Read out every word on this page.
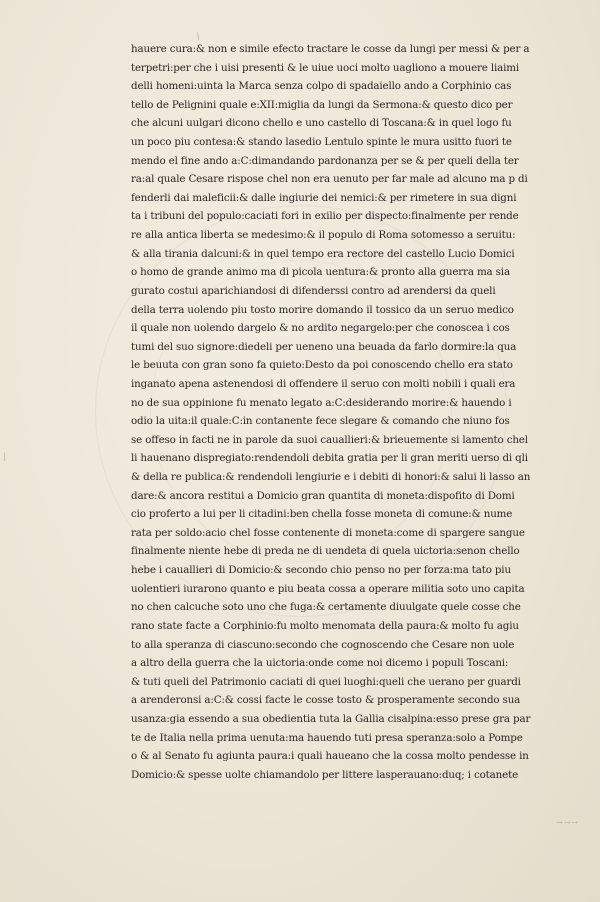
∕
|
→→→
hauere cura:& non e simile efecto tractare le cosse da lungi per messi & per a
terpetri:per che i uisi presenti & le uiue uoci molto uagliono a mouere liaimi
delli homeni:uinta la Marca senza colpo di spadaiello ando a Corphinio cas
tello de Pelignini quale e:XII:miglia da lungi da Sermona:& questo dico per
che alcuni uulgari dicono chello e uno castello di Toscana:& in quel logo fu
un poco piu contesa:& stando lasedio Lentulo spinte le mura usitto fuori te
mendo el fine ando a:C:dimandando pardonanza per se & per queli della ter
ra:al quale Cesare rispose chel non era uenuto per far male ad alcuno ma p di
fenderli dai maleficii:& dalle ingiurie dei nemici:& per rimetere in sua digni
ta i tribuni del populo:caciati fori in exilio per dispecto:finalmente per rende
re alla antica liberta se medesimo:& il populo di Roma sotomesso a seruitu:
& alla tirania dalcuni:& in quel tempo era rectore del castello Lucio Domici
o homo de grande animo ma di picola uentura:& pronto alla guerra ma sia
gurato costui aparichiandosi di difenderssi contro ad arendersi da queli
della terra uolendo piu tosto morire domando il tossico da un seruo medico
il quale non uolendo dargelo & no ardito negargelo:per che conoscea i cos
tumi del suo signore:diedeli per ueneno una beuada da farlo dormire:la qua
le beuuta con gran sono fa quieto:Desto da poi conoscendo chello era stato
inganato apena astenendosi di offendere il seruo con molti nobili i quali era
no de sua oppinione fu menato legato a:C:desiderando morire:& hauendo i
odio la uita:il quale:C:in contanente fece slegare & comando che niuno fos
se offeso in facti ne in parole da suoi cauallieri:& brieuemente si lamento chel
li hauenano dispregiato:rendendoli debita gratia per li gran meriti uerso di qli
& della re publica:& rendendoli lengiurie e i debiti di honori:& salui li lasso an
dare:& ancora restitui a Domicio gran quantita di moneta:dispofito di Domi
cio proferto a lui per li citadini:ben chella fosse moneta di comune:& nume
rata per soldo:acio chel fosse contenente di moneta:come di spargere sangue
finalmente niente hebe di preda ne di uendeta di quela uictoria:senon chello
hebe i cauallieri di Domicio:& secondo chio penso no per forza:ma tato piu
uolentieri iurarono quanto e piu beata cossa a operare militia soto uno capita
no chen calcuche soto uno che fuga:& certamente diuulgate quele cosse che
rano state facte a Corphinio:fu molto menomata della paura:& molto fu agiu
to alla speranza di ciascuno:secondo che cognoscendo che Cesare non uole
a altro della guerra che la uictoria:onde come noi dicemo i populi Toscani:
& tuti queli del Patrimonio caciati di quei luoghi:queli che uerano per guardi
a arenderonsi a:C:& cossi facte le cosse tosto & prosperamente secondo sua
usanza:gia essendo a sua obedientia tuta la Gallia cisalpina:esso prese gra par
te de Italia nella prima uenuta:ma hauendo tuti presa speranza:solo a Pompe
o & al Senato fu agiunta paura:i quali haueano che la cossa molto pendesse in
Domicio:& spesse uolte chiamandolo per littere lasperauano:duq; i cotanete
